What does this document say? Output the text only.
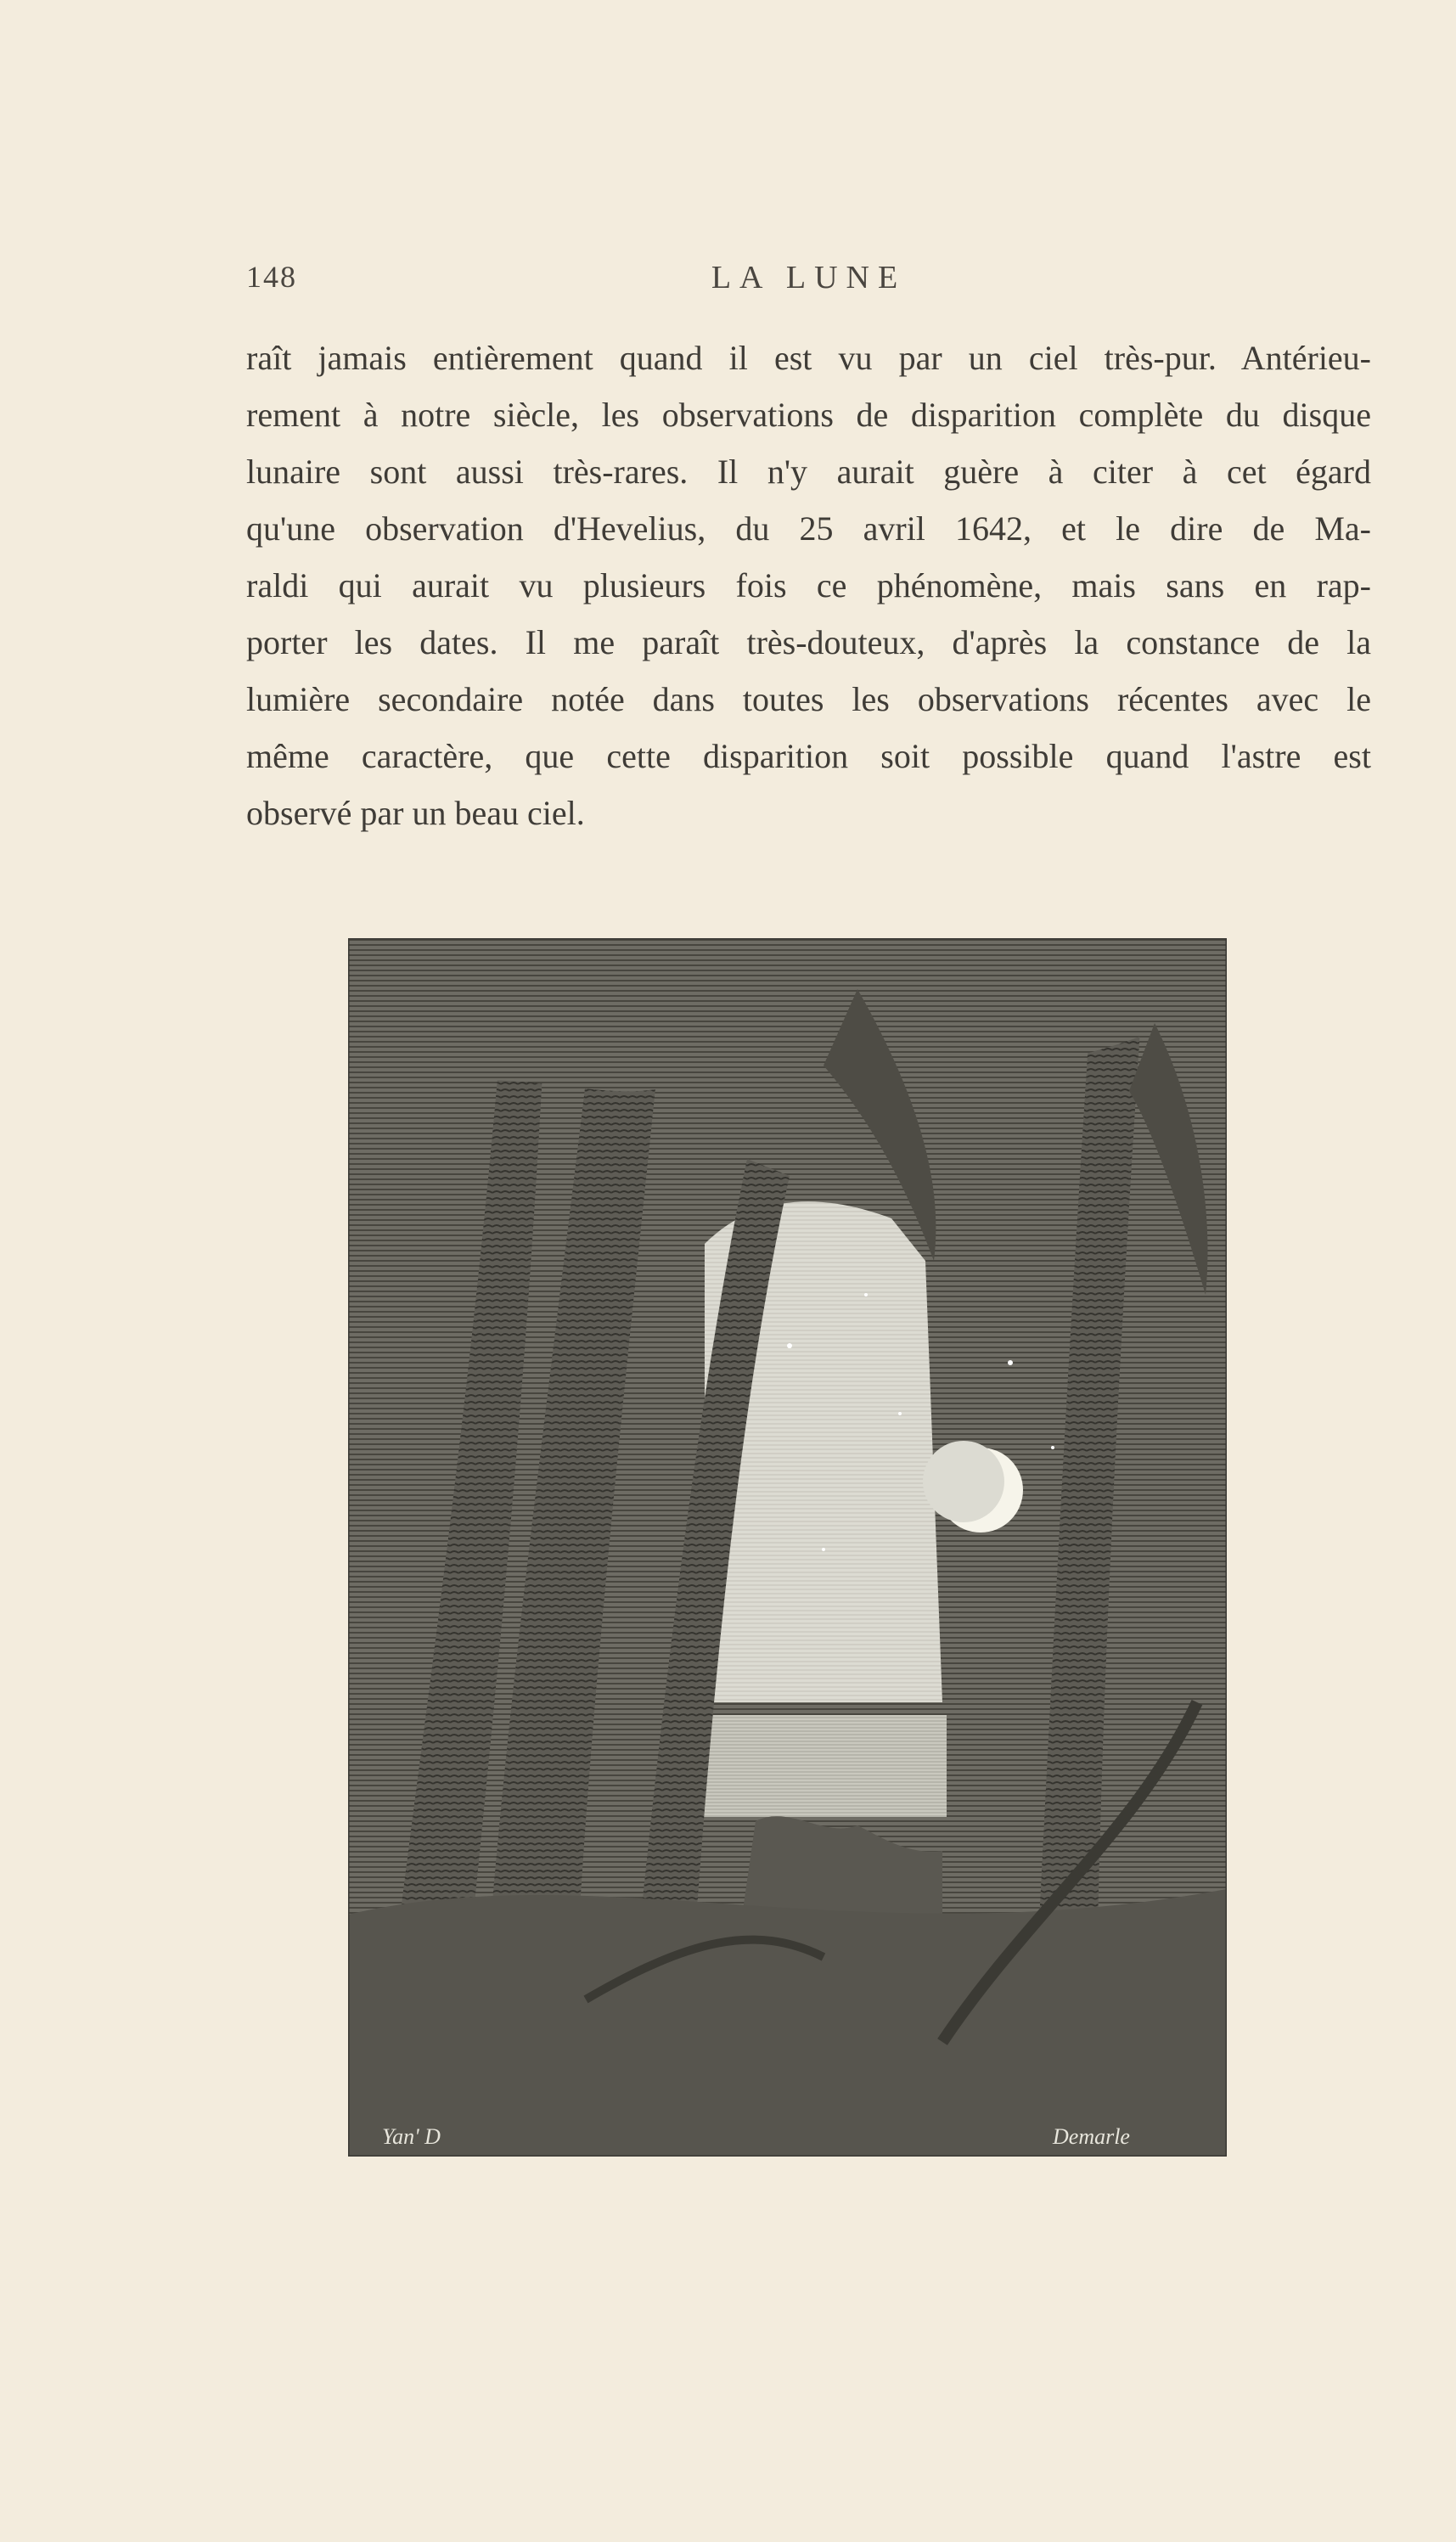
148	LA LUNE
raît jamais entièrement quand il est vu par un ciel très-pur. Antérieu-
rement à notre siècle, les observations de disparition complète du disque
lunaire sont aussi très-rares. Il n'y aurait guère à citer à cet égard
qu'une observation d'Hevelius, du 25 avril 1642, et le dire de Ma-
raldi qui aurait vu plusieurs fois ce phénomène, mais sans en rap-
porter les dates. Il me paraît très-douteux, d'après la constance de la
lumière secondaire notée dans toutes les observations récentes avec le
même caractère, que cette disparition soit possible quand l'astre est
observé par un beau ciel.
Yan' D	Demarle
